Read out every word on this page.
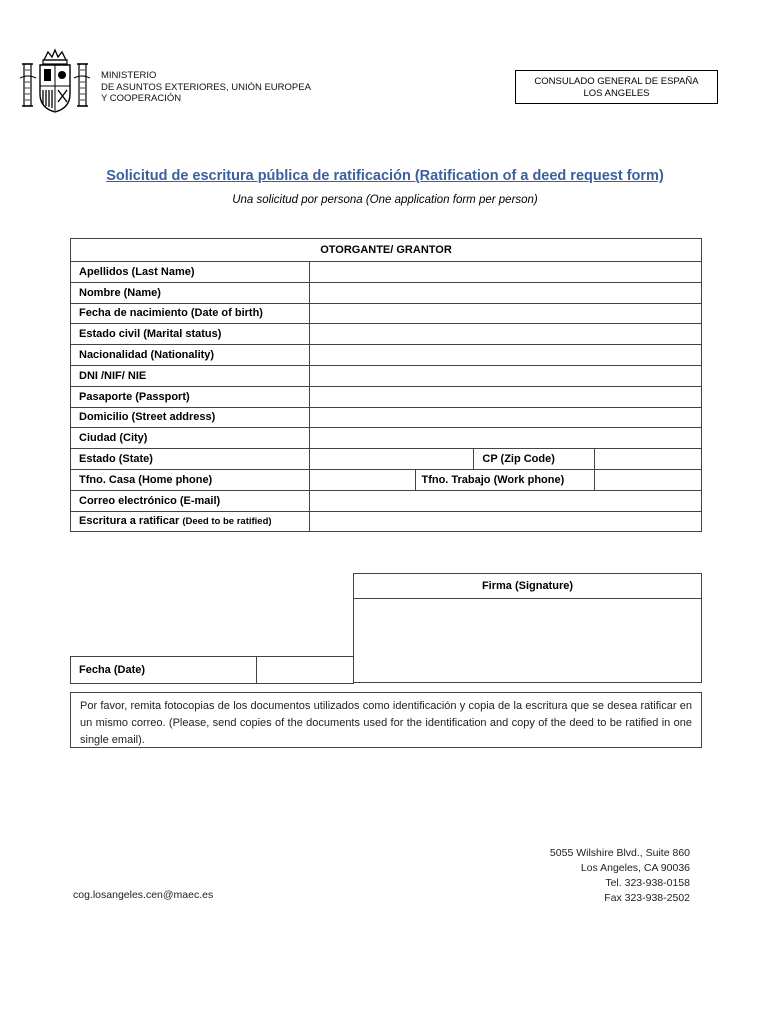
MINISTERIO
DE ASUNTOS EXTERIORES, UNIÓN EUROPEA
Y COOPERACIÓN
CONSULADO GENERAL DE ESPAÑA
LOS ANGELES
Solicitud de escritura pública de ratificación (Ratification of a deed request form)
Una solicitud por persona (One application form per person)
OTORGANTE/ GRANTOR				
Apellidos (Last Name)				
Nombre (Name)				
Fecha de nacimiento (Date of birth)				
Estado civil (Marital status)				
Nacionalidad (Nationality)				
DNI /NIF/ NIE				
Pasaporte (Passport)				
Domicilio (Street address)				
Ciudad (City)				
Estado (State)			CP (Zip Code)	
Tfno. Casa (Home phone)		Tfno. Trabajo (Work phone)		
Correo electrónico (E-mail)				
Escritura a ratificar (Deed to be ratified)				
Firma (Signature)
Fecha (Date)	
Por favor, remita fotocopias de los documentos utilizados como identificación y copia de la escritura que se desea ratificar en un mismo correo. (Please, send copies of the documents used for the identification and copy of the deed to be ratified in one single email).
5055 Wilshire Blvd., Suite 860
Los Angeles, CA 90036
Tel. 323-938-0158
Fax 323-938-2502
cog.losangeles.cen@maec.es
